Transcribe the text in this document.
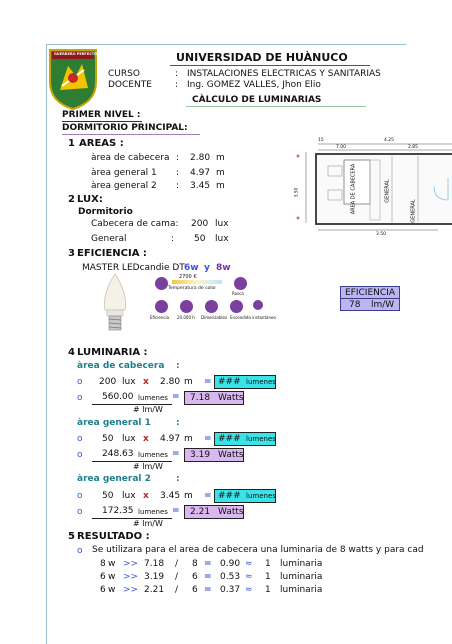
GUERRERO PERFECTO	UNIVERSIDAD DE HUÀNUCO
CURSO	: INSTALACIONES ELECTRICAS Y SANITARIAS
DOCENTE	: Ing. GOMEZ VALLES, Jhon Elio
CÀLCULO DE LUMINARIAS
PRIMER NIVEL :
DORMITORIO PRINCIPAL:
1 AREAS :
àrea de cabecera : 2.80 m
àrea general 1 : 4.97 m
àrea general 2 : 3.45 m
2 LUX:
Dormitorio
Cabecera de cama: 200 lux
General	: 50 lux
3 EFICIENCIA :
MASTER LEDcandie DT 6w y 8w
2700 K
Temperatura de color
Rosca
Eficiencia 20.000 h Dimerizables Encendido instantáneo
EFICIENCIA
78 lm/W
15	4.25
7.00	2.85
3.50
3.50
AREA DE CABECERA	GENERAL
GENERAL
4 LUMINARIA :
àrea de cabecera :
o 200 lux x 2.80 m = ### lumenes
o 560.00 lumenes = 7.18 Watts
# lm/W
àrea general 1	:
o 50 lux x 4.97 m = ### lumenes
o 248.63 lumenes = 3.19 Watts
# lm/W
àrea general 2	:
o 50 lux x 3.45 m = ### lumenes
o 172.35 lumenes = 2.21 Watts
# lm/W
5 RESULTADO :
o Se utilizara para el area de cabecera una luminaria de 8 watts y para cad
8 w >> 7.18 / 8 = 0.90 ≈ 1 luminaria
6 w >> 3.19 / 6 = 0.53 ≈ 1 luminaria
6 w >> 2.21 / 6 = 0.37 ≈ 1 luminaria
